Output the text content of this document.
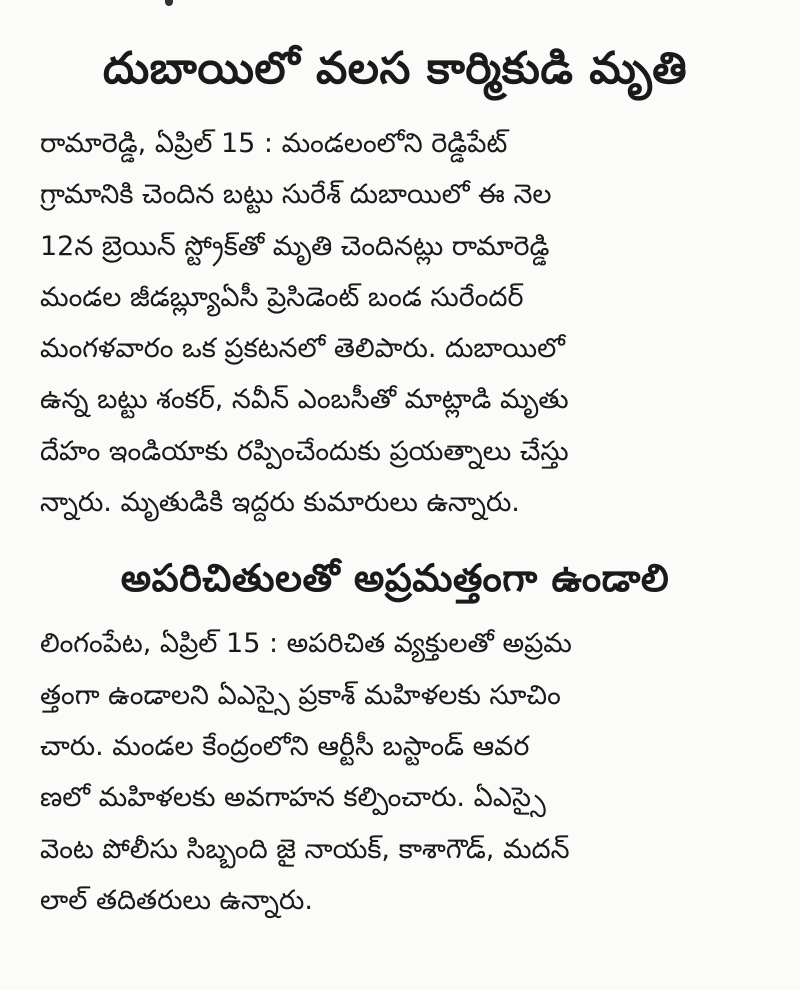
దుబాయిలో వలస కార్మికుడి మృతి

రామారెడ్డి, ఏప్రిల్ 15 : మండలంలోని రెడ్డిపేట్
గ్రామానికి చెందిన బట్టు సురేశ్ దుబాయిలో ఈ నెల
12న బ్రెయిన్ స్ట్రోక్‌తో మృతి చెందినట్లు రామారెడ్డి
మండల జీడబ్ల్యూఏసీ ప్రెసిడెంట్ బండ సురేందర్
మంగళవారం ఒక ప్రకటనలో తెలిపారు. దుబాయిలో
ఉన్న బట్టు శంకర్, నవీన్ ఎంబసీతో మాట్లాడి మృతు
దేహం ఇండియాకు రప్పించేందుకు ప్రయత్నాలు చేస్తు
న్నారు. మృతుడికి ఇద్దరు కుమారులు ఉన్నారు.

అపరిచితులతో అప్రమత్తంగా ఉండాలి

లింగంపేట, ఏప్రిల్ 15 : అపరిచిత వ్యక్తులతో అప్రమ
త్తంగా ఉండాలని ఏఎస్సై ప్రకాశ్ మహిళలకు సూచిం
చారు. మండల కేంద్రంలోని ఆర్టీసీ బస్టాండ్ ఆవర
ణలో మహిళలకు అవగాహన కల్పించారు. ఏఎస్సై
వెంట పోలీసు సిబ్బంది జై నాయక్, కాశాగౌడ్, మదన్
లాల్ తదితరులు ఉన్నారు.
